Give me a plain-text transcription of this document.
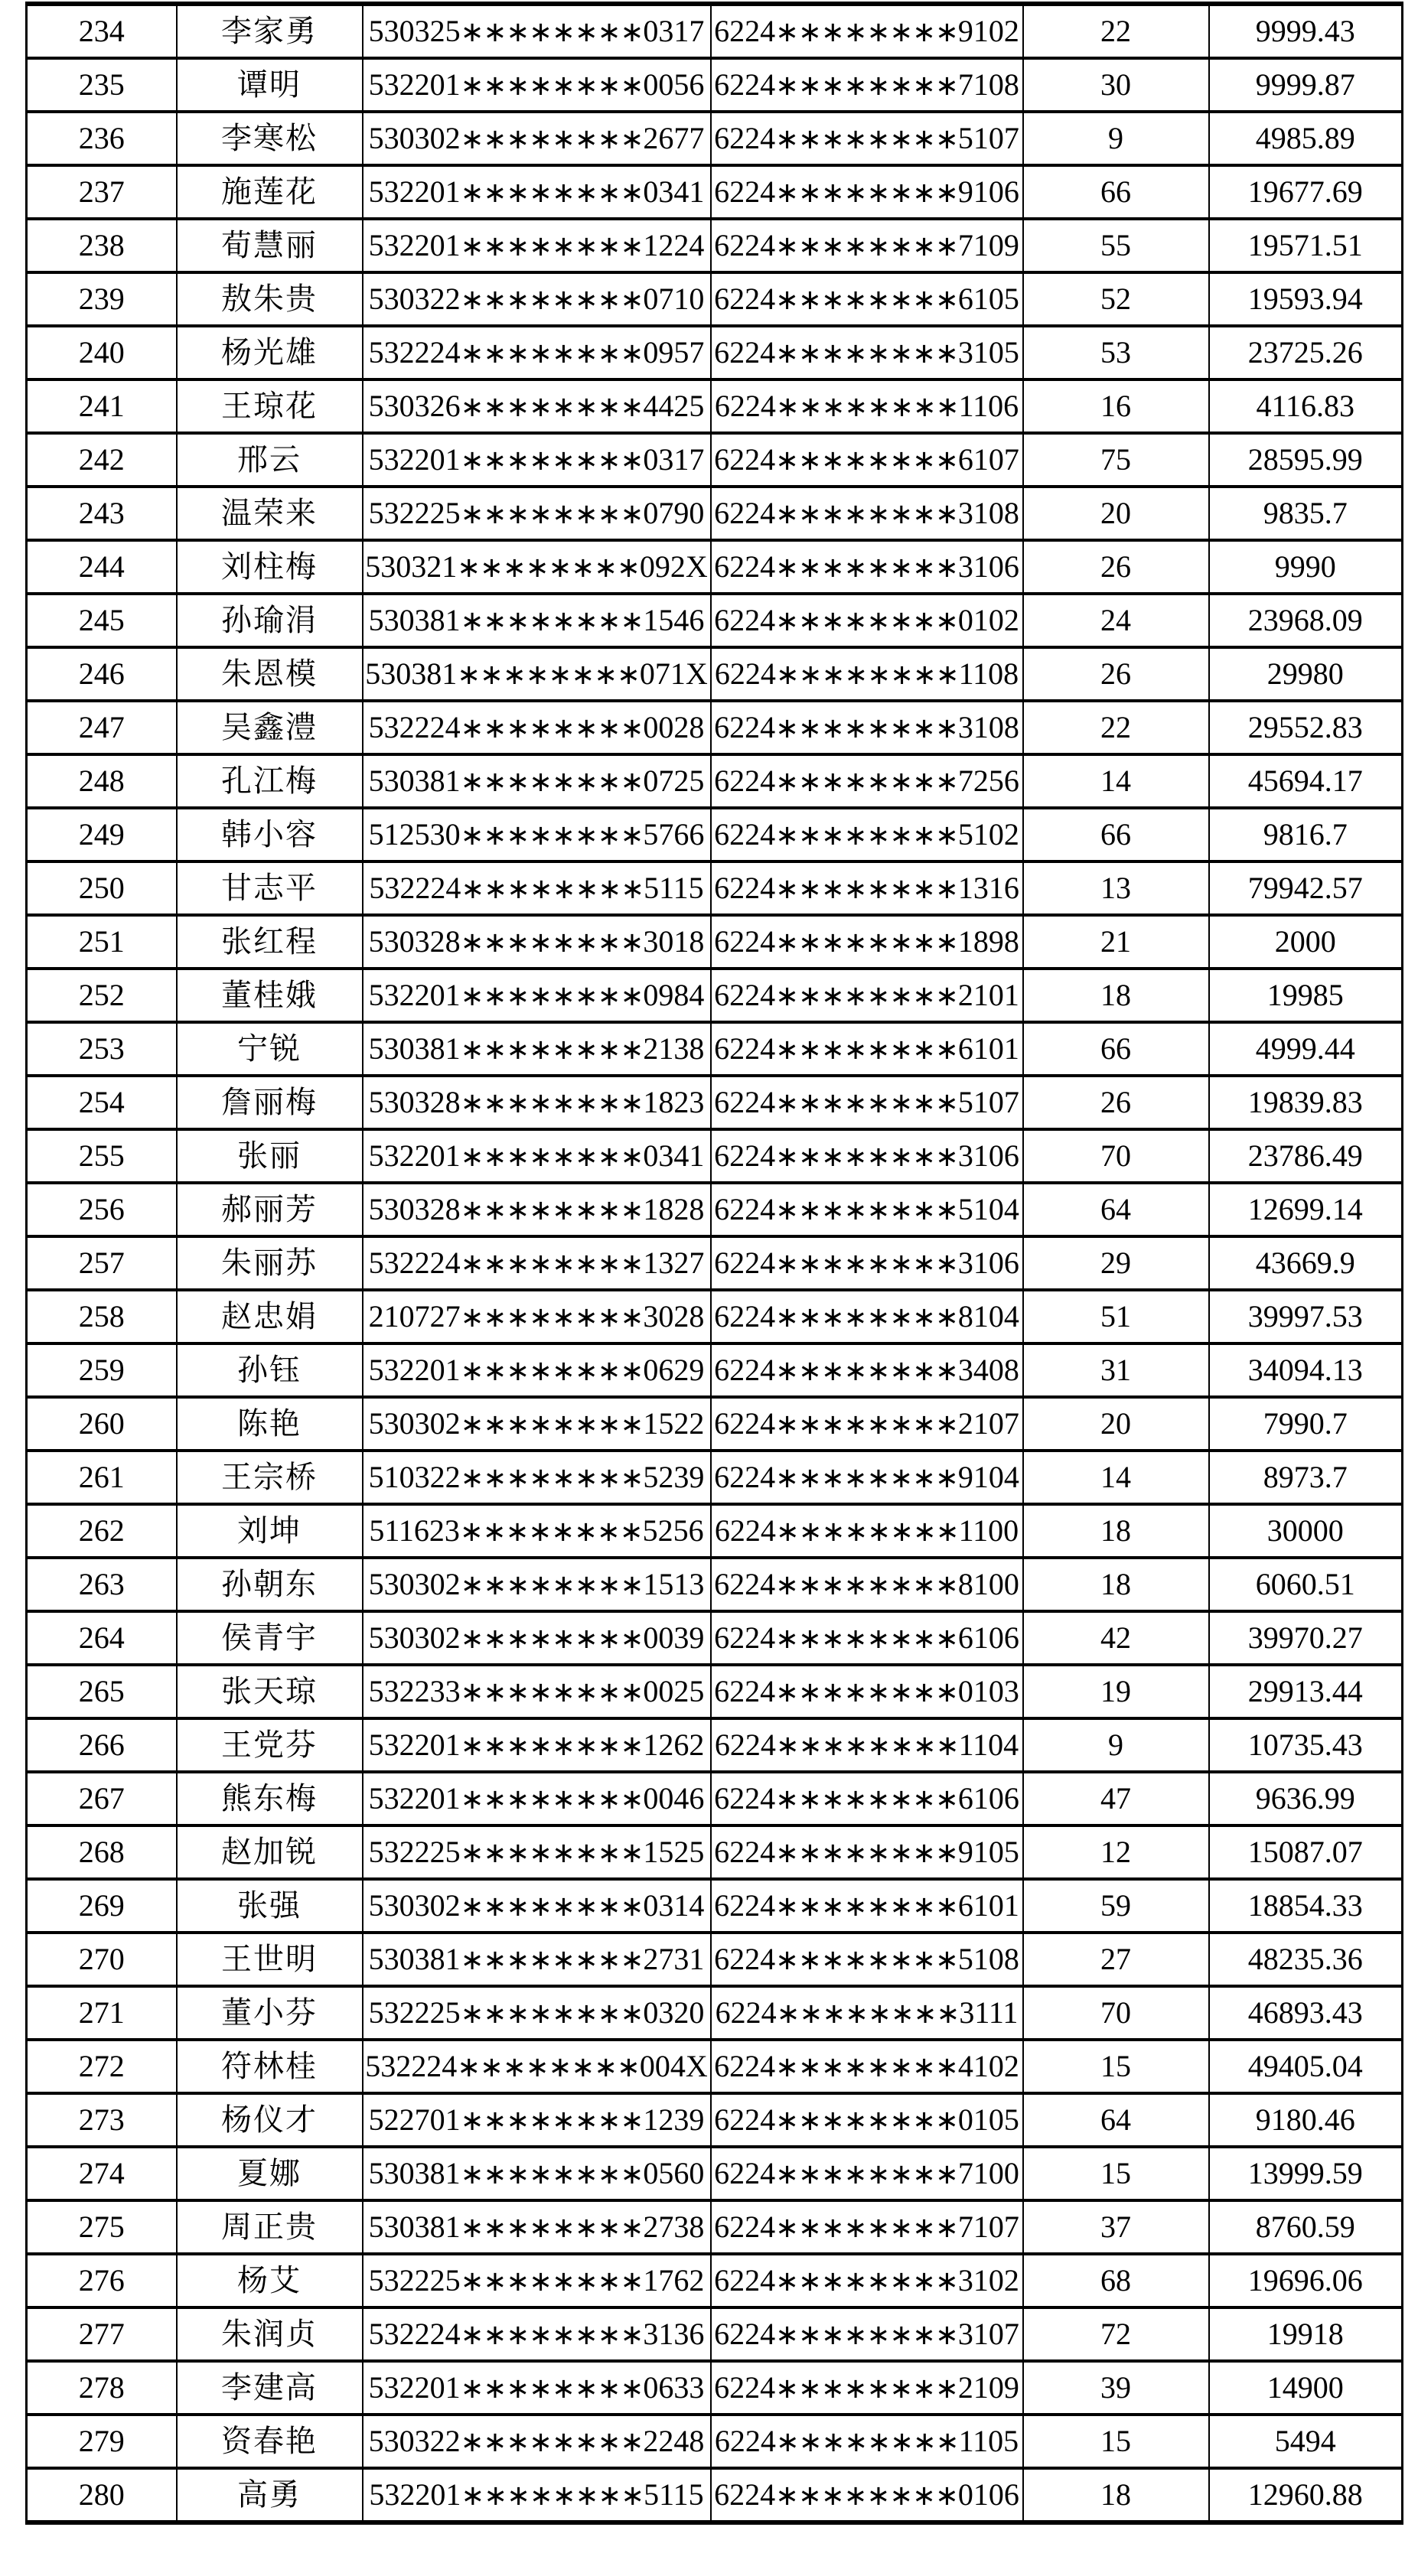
234	李家勇	530325∗∗∗∗∗∗∗∗0317	6224∗∗∗∗∗∗∗∗9102	22	9999.43
235	谭明	532201∗∗∗∗∗∗∗∗0056	6224∗∗∗∗∗∗∗∗7108	30	9999.87
236	李寒松	530302∗∗∗∗∗∗∗∗2677	6224∗∗∗∗∗∗∗∗5107	9	4985.89
237	施莲花	532201∗∗∗∗∗∗∗∗0341	6224∗∗∗∗∗∗∗∗9106	66	19677.69
238	荀慧丽	532201∗∗∗∗∗∗∗∗1224	6224∗∗∗∗∗∗∗∗7109	55	19571.51
239	敖朱贵	530322∗∗∗∗∗∗∗∗0710	6224∗∗∗∗∗∗∗∗6105	52	19593.94
240	杨光雄	532224∗∗∗∗∗∗∗∗0957	6224∗∗∗∗∗∗∗∗3105	53	23725.26
241	王琼花	530326∗∗∗∗∗∗∗∗4425	6224∗∗∗∗∗∗∗∗1106	16	4116.83
242	邢云	532201∗∗∗∗∗∗∗∗0317	6224∗∗∗∗∗∗∗∗6107	75	28595.99
243	温荣来	532225∗∗∗∗∗∗∗∗0790	6224∗∗∗∗∗∗∗∗3108	20	9835.7
244	刘柱梅	530321∗∗∗∗∗∗∗∗092X	6224∗∗∗∗∗∗∗∗3106	26	9990
245	孙瑜涓	530381∗∗∗∗∗∗∗∗1546	6224∗∗∗∗∗∗∗∗0102	24	23968.09
246	朱恩模	530381∗∗∗∗∗∗∗∗071X	6224∗∗∗∗∗∗∗∗1108	26	29980
247	吴鑫澧	532224∗∗∗∗∗∗∗∗0028	6224∗∗∗∗∗∗∗∗3108	22	29552.83
248	孔江梅	530381∗∗∗∗∗∗∗∗0725	6224∗∗∗∗∗∗∗∗7256	14	45694.17
249	韩小容	512530∗∗∗∗∗∗∗∗5766	6224∗∗∗∗∗∗∗∗5102	66	9816.7
250	甘志平	532224∗∗∗∗∗∗∗∗5115	6224∗∗∗∗∗∗∗∗1316	13	79942.57
251	张红程	530328∗∗∗∗∗∗∗∗3018	6224∗∗∗∗∗∗∗∗1898	21	2000
252	董桂娥	532201∗∗∗∗∗∗∗∗0984	6224∗∗∗∗∗∗∗∗2101	18	19985
253	宁锐	530381∗∗∗∗∗∗∗∗2138	6224∗∗∗∗∗∗∗∗6101	66	4999.44
254	詹丽梅	530328∗∗∗∗∗∗∗∗1823	6224∗∗∗∗∗∗∗∗5107	26	19839.83
255	张丽	532201∗∗∗∗∗∗∗∗0341	6224∗∗∗∗∗∗∗∗3106	70	23786.49
256	郝丽芳	530328∗∗∗∗∗∗∗∗1828	6224∗∗∗∗∗∗∗∗5104	64	12699.14
257	朱丽苏	532224∗∗∗∗∗∗∗∗1327	6224∗∗∗∗∗∗∗∗3106	29	43669.9
258	赵忠娟	210727∗∗∗∗∗∗∗∗3028	6224∗∗∗∗∗∗∗∗8104	51	39997.53
259	孙钰	532201∗∗∗∗∗∗∗∗0629	6224∗∗∗∗∗∗∗∗3408	31	34094.13
260	陈艳	530302∗∗∗∗∗∗∗∗1522	6224∗∗∗∗∗∗∗∗2107	20	7990.7
261	王宗桥	510322∗∗∗∗∗∗∗∗5239	6224∗∗∗∗∗∗∗∗9104	14	8973.7
262	刘坤	511623∗∗∗∗∗∗∗∗5256	6224∗∗∗∗∗∗∗∗1100	18	30000
263	孙朝东	530302∗∗∗∗∗∗∗∗1513	6224∗∗∗∗∗∗∗∗8100	18	6060.51
264	侯青宇	530302∗∗∗∗∗∗∗∗0039	6224∗∗∗∗∗∗∗∗6106	42	39970.27
265	张天琼	532233∗∗∗∗∗∗∗∗0025	6224∗∗∗∗∗∗∗∗0103	19	29913.44
266	王党芬	532201∗∗∗∗∗∗∗∗1262	6224∗∗∗∗∗∗∗∗1104	9	10735.43
267	熊东梅	532201∗∗∗∗∗∗∗∗0046	6224∗∗∗∗∗∗∗∗6106	47	9636.99
268	赵加锐	532225∗∗∗∗∗∗∗∗1525	6224∗∗∗∗∗∗∗∗9105	12	15087.07
269	张强	530302∗∗∗∗∗∗∗∗0314	6224∗∗∗∗∗∗∗∗6101	59	18854.33
270	王世明	530381∗∗∗∗∗∗∗∗2731	6224∗∗∗∗∗∗∗∗5108	27	48235.36
271	董小芬	532225∗∗∗∗∗∗∗∗0320	6224∗∗∗∗∗∗∗∗3111	70	46893.43
272	符林桂	532224∗∗∗∗∗∗∗∗004X	6224∗∗∗∗∗∗∗∗4102	15	49405.04
273	杨仪才	522701∗∗∗∗∗∗∗∗1239	6224∗∗∗∗∗∗∗∗0105	64	9180.46
274	夏娜	530381∗∗∗∗∗∗∗∗0560	6224∗∗∗∗∗∗∗∗7100	15	13999.59
275	周正贵	530381∗∗∗∗∗∗∗∗2738	6224∗∗∗∗∗∗∗∗7107	37	8760.59
276	杨艾	532225∗∗∗∗∗∗∗∗1762	6224∗∗∗∗∗∗∗∗3102	68	19696.06
277	朱润贞	532224∗∗∗∗∗∗∗∗3136	6224∗∗∗∗∗∗∗∗3107	72	19918
278	李建高	532201∗∗∗∗∗∗∗∗0633	6224∗∗∗∗∗∗∗∗2109	39	14900
279	资春艳	530322∗∗∗∗∗∗∗∗2248	6224∗∗∗∗∗∗∗∗1105	15	5494
280	高勇	532201∗∗∗∗∗∗∗∗5115	6224∗∗∗∗∗∗∗∗0106	18	12960.88
